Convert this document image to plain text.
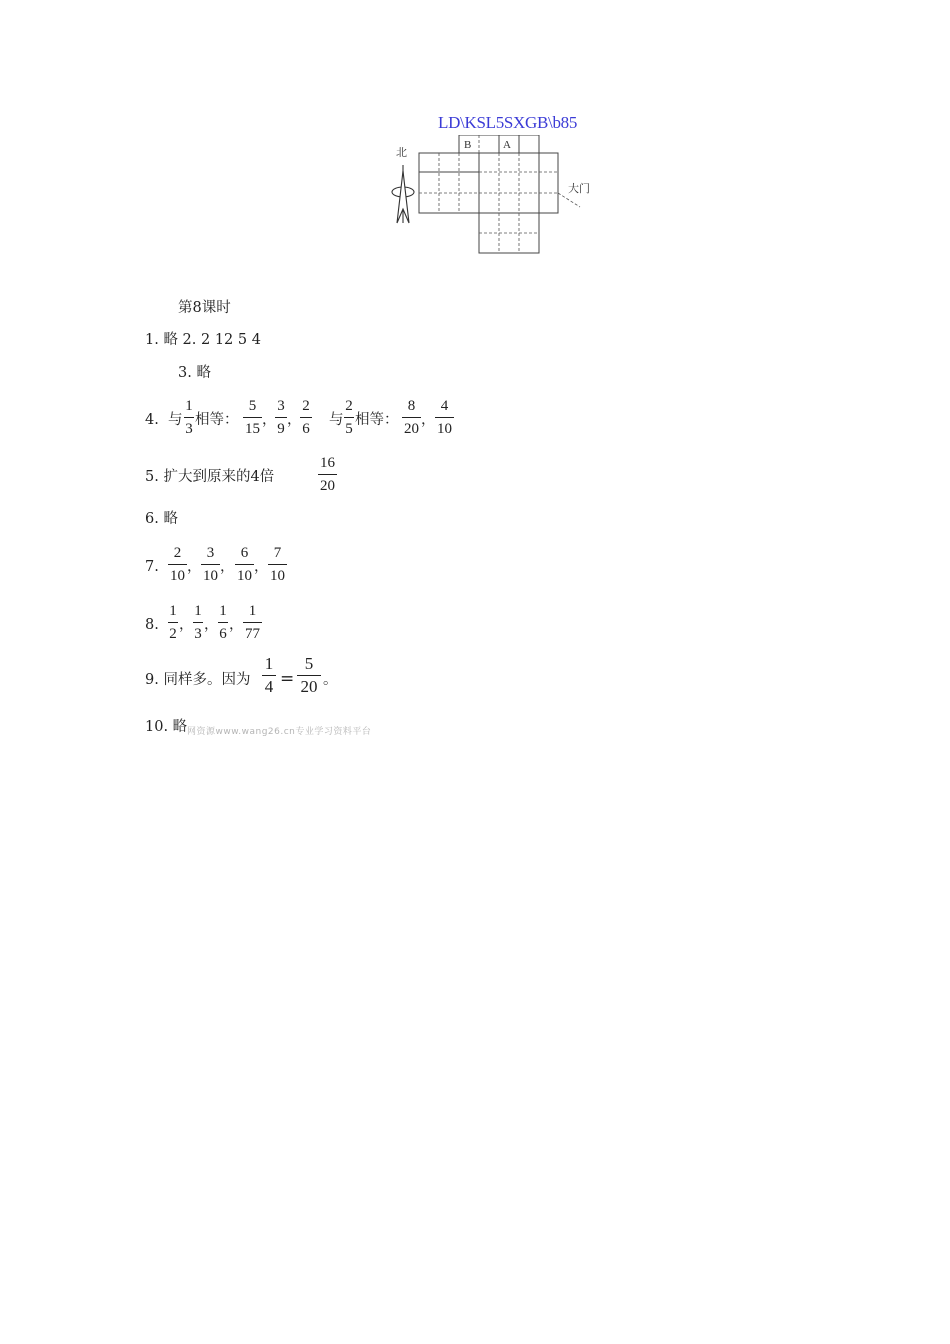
LD\KSL5SXGB\b85
北
B	A
大门
第8课时
1. 略 2. 2 12 5 4
3. 略
4. 与
1
3
相等：
5
15
，
3
9
，
2
6
与
2
5
相等：
8
20
，
4
10
5. 扩大到原来的4倍
16
20
6. 略
7.
2
10
，
3
10
，
6
10
，
7
10
8.
1
2
，
1
3
，
1
6
，
1
77
9. 同样多。因为
1
4 =
5
20 。
10. 略 网资源www.wang26.cn专业学习资料平台
